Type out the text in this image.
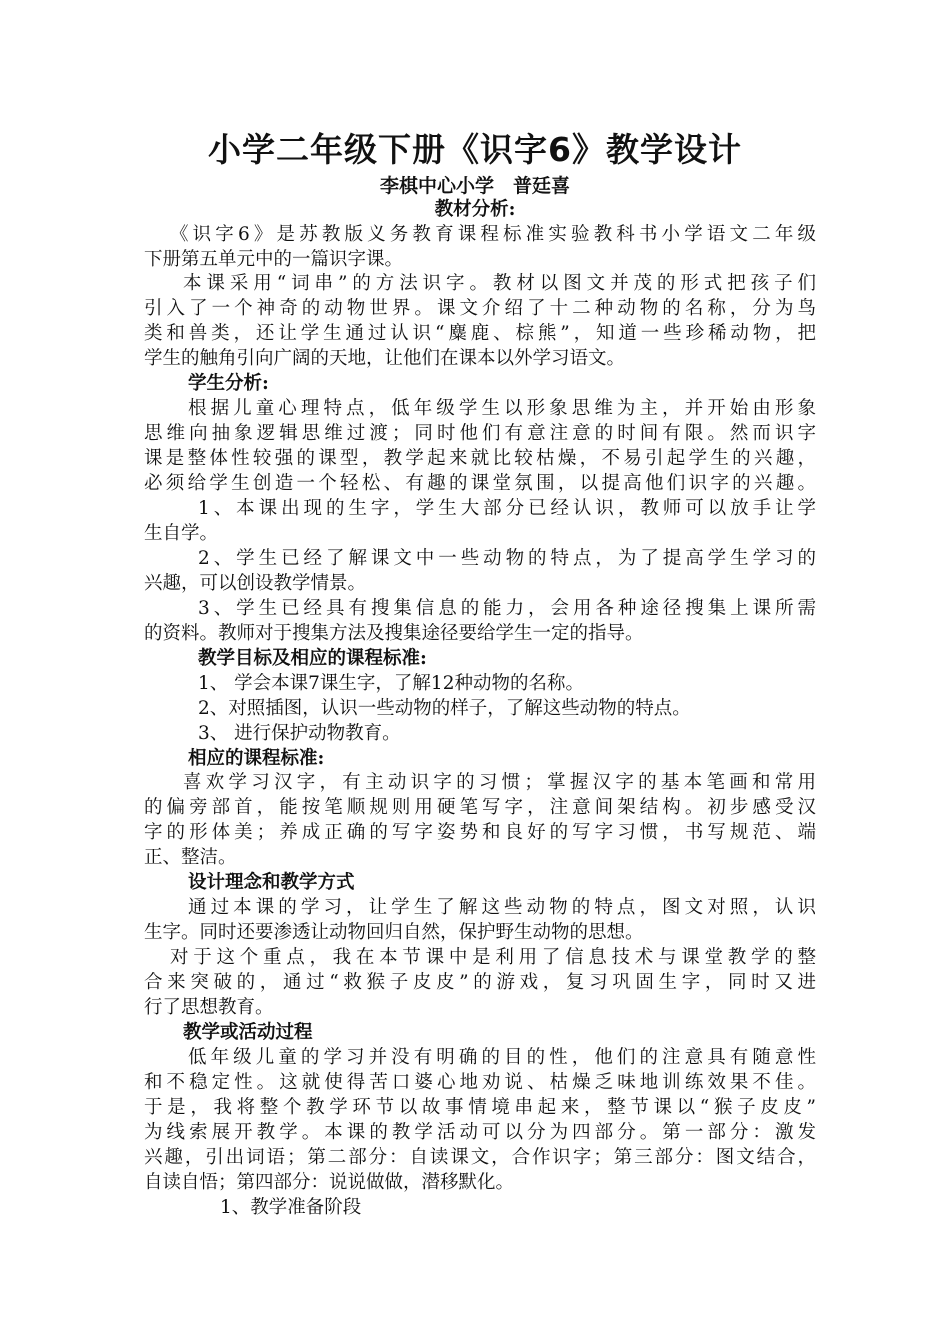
小学二年级下册《识字6》教学设计
李棋中心小学　普廷喜
教材分析:
《识字6》是苏教版义务教育课程标准实验教科书小学语文二年级
下册第五单元中的一篇识字课。
本课采用“词串”的方法识字。教材以图文并茂的形式把孩子们
引入了一个神奇的动物世界。课文介绍了十二种动物的名称，分为鸟
类和兽类，还让学生通过认识“麋鹿、棕熊”，知道一些珍稀动物，把
学生的触角引向广阔的天地，让他们在课本以外学习语文。
学生分析:
根据儿童心理特点，低年级学生以形象思维为主，并开始由形象
思维向抽象逻辑思维过渡；同时他们有意注意的时间有限。然而识字
课是整体性较强的课型，教学起来就比较枯燥，不易引起学生的兴趣，
必须给学生创造一个轻松、有趣的课堂氛围，以提高他们识字的兴趣。
1、本课出现的生字，学生大部分已经认识，教师可以放手让学
生自学。
2、学生已经了解课文中一些动物的特点，为了提高学生学习的
兴趣，可以创设教学情景。
3、学生已经具有搜集信息的能力，会用各种途径搜集上课所需
的资料。教师对于搜集方法及搜集途径要给学生一定的指导。
教学目标及相应的课程标准:
1、 学会本课7课生字，了解12种动物的名称。
2、对照插图，认识一些动物的样子，了解这些动物的特点。
3、 进行保护动物教育。
相应的课程标准:
喜欢学习汉字，有主动识字的习惯；掌握汉字的基本笔画和常用
的偏旁部首，能按笔顺规则用硬笔写字，注意间架结构。初步感受汉
字的形体美；养成正确的写字姿势和良好的写字习惯，书写规范、端
正、整洁。
设计理念和教学方式
通过本课的学习，让学生了解这些动物的特点，图文对照，认识
生字。同时还要渗透让动物回归自然，保护野生动物的思想。
对于这个重点，我在本节课中是利用了信息技术与课堂教学的整
合来突破的，通过“救猴子皮皮”的游戏，复习巩固生字，同时又进
行了思想教育。
教学或活动过程
低年级儿童的学习并没有明确的目的性，他们的注意具有随意性
和不稳定性。这就使得苦口婆心地劝说、枯燥乏味地训练效果不佳。
于是，我将整个教学环节以故事情境串起来，整节课以“猴子皮皮”
为线索展开教学。本课的教学活动可以分为四部分。第一部分：激发
兴趣，引出词语；第二部分：自读课文，合作识字；第三部分：图文结合，
自读自悟；第四部分：说说做做，潜移默化。
1、教学准备阶段
